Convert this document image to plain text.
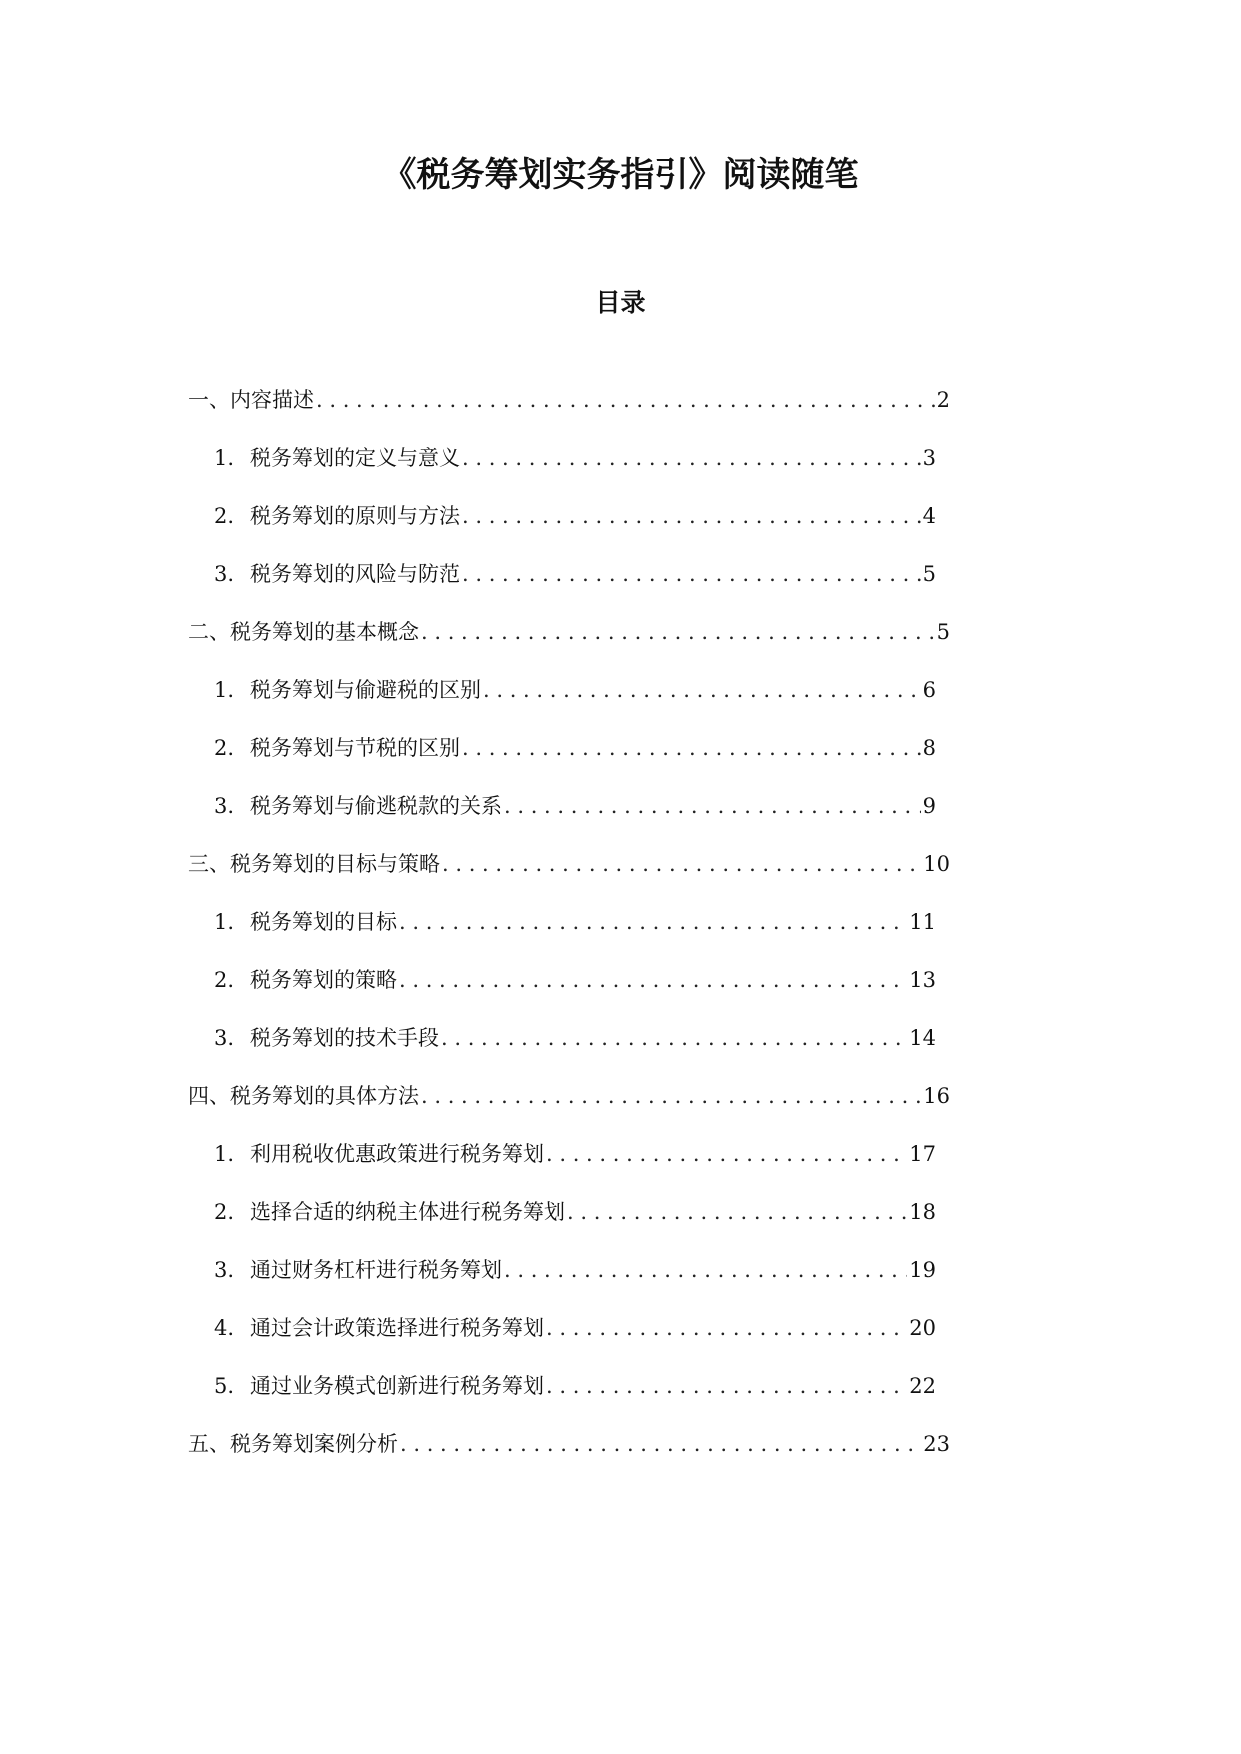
《税务筹划实务指引》阅读随笔
目录
一、内容描述 . . .	2
1. 税务筹划的定义与意义 . . .	3
2. 税务筹划的原则与方法 . . .	4
3. 税务筹划的风险与防范 . . .	5
二、税务筹划的基本概念 . . .	5
1. 税务筹划与偷避税的区别 . . .	6
2. 税务筹划与节税的区别 . . .	8
3. 税务筹划与偷逃税款的关系 . . .	9
三、税务筹划的目标与策略 . . .	10
1. 税务筹划的目标 . . .	11
2. 税务筹划的策略 . . .	13
3. 税务筹划的技术手段 . . .	14
四、税务筹划的具体方法 . . .	16
1. 利用税收优惠政策进行税务筹划 . . .	17
2. 选择合适的纳税主体进行税务筹划 . . .	18
3. 通过财务杠杆进行税务筹划 . . .	19
4. 通过会计政策选择进行税务筹划 . . .	20
5. 通过业务模式创新进行税务筹划 . . .	22
五、税务筹划案例分析 . . .	23
